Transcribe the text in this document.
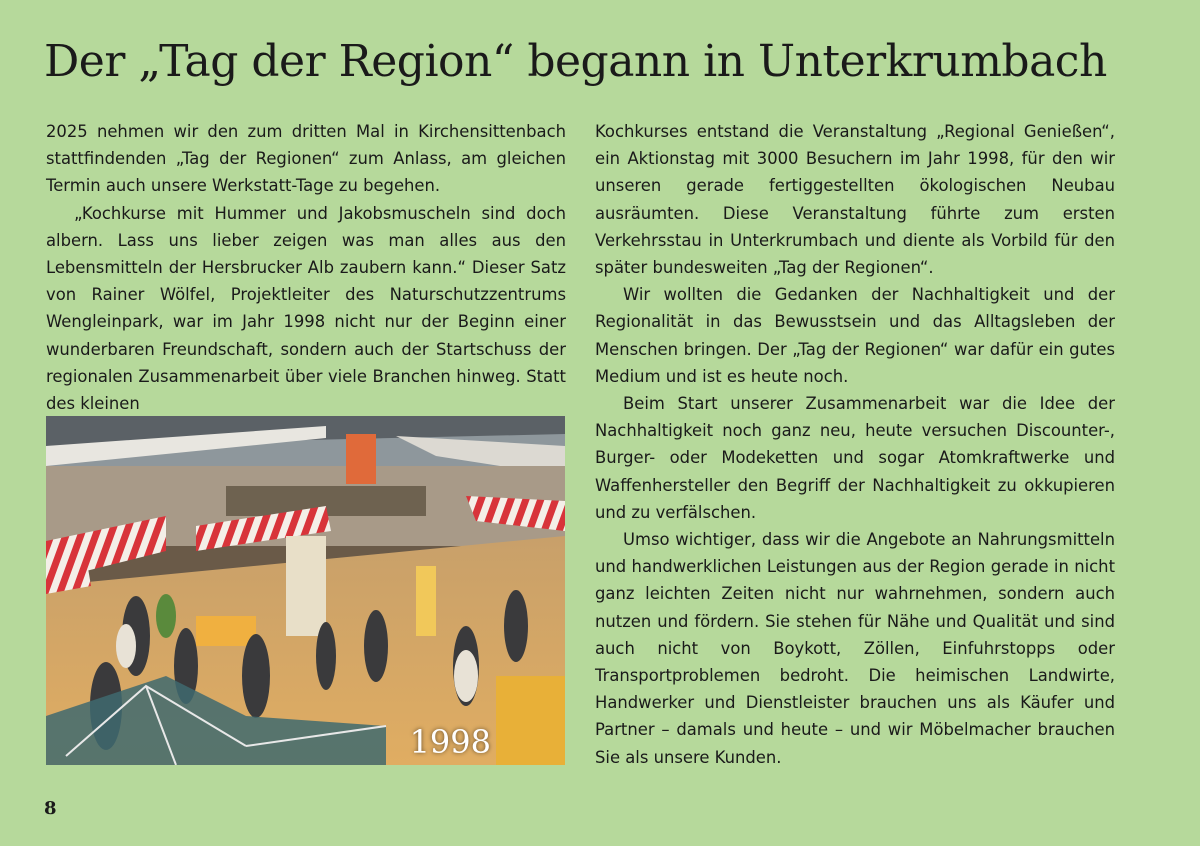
Der „Tag der Region“ begann in Unterkrumbach

2025 nehmen wir den zum dritten Mal in Kirchensittenbach stattfindenden „Tag der Regionen“ zum Anlass, am gleichen Termin auch unsere Werkstatt-Tage zu begehen.

„Kochkurse mit Hummer und Jakobsmuscheln sind doch albern. Lass uns lieber zeigen was man alles aus den Lebensmitteln der Hersbrucker Alb zaubern kann.“ Dieser Satz von Rainer Wölfel, Projektleiter des Naturschutzzentrums Wengleinpark, war im Jahr 1998 nicht nur der Beginn einer wunderbaren Freundschaft, sondern auch der Startschuss der regionalen Zusammenarbeit über viele Branchen hinweg. Statt des kleinen

1998

Kochkurses entstand die Veranstaltung „Regional Genießen“, ein Aktionstag mit 3000 Besuchern im Jahr 1998, für den wir unseren gerade fertiggestellten ökologischen Neubau ausräumten. Diese Veranstaltung führte zum ersten Verkehrsstau in Unterkrumbach und diente als Vorbild für den später bundesweiten „Tag der Regionen“.

Wir wollten die Gedanken der Nachhaltigkeit und der Regionalität in das Bewusstsein und das Alltagsleben der Menschen bringen. Der „Tag der Regionen“ war dafür ein gutes Medium und ist es heute noch.

Beim Start unserer Zusammenarbeit war die Idee der Nachhaltigkeit noch ganz neu, heute versuchen Discounter-, Burger- oder Modeketten und sogar Atomkraftwerke und Waffenhersteller den Begriff der Nachhaltigkeit zu okkupieren und zu verfälschen.

Umso wichtiger, dass wir die Angebote an Nahrungsmitteln und handwerklichen Leistungen aus der Region gerade in nicht ganz leichten Zeiten nicht nur wahrnehmen, sondern auch nutzen und fördern. Sie stehen für Nähe und Qualität und sind auch nicht von Boykott, Zöllen, Einfuhrstopps oder Transportproblemen bedroht. Die heimischen Landwirte, Handwerker und Dienstleister brauchen uns als Käufer und Partner – damals und heute – und wir Möbelmacher brauchen Sie als unsere Kunden.

8
